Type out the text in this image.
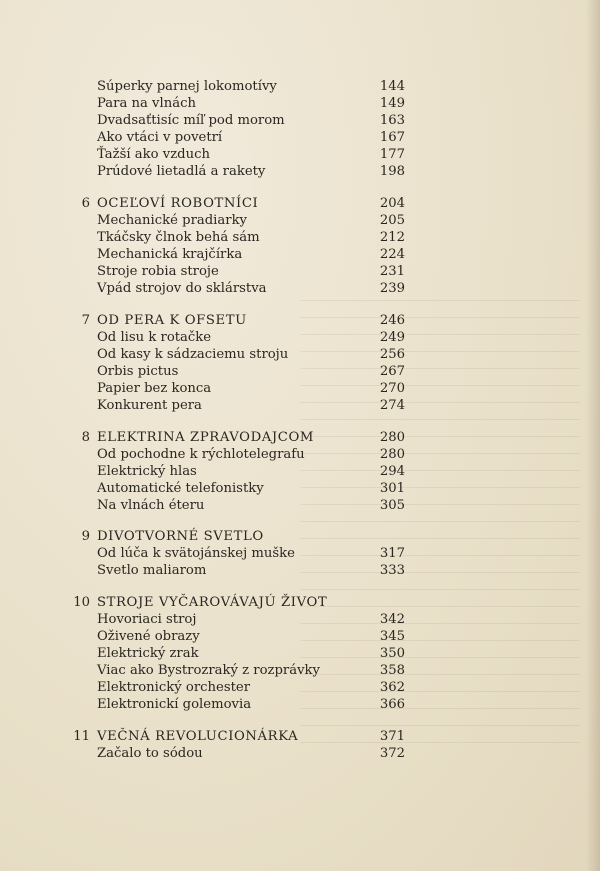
Súperky parnej lokomotívy	144
Para na vlnách	149
Dvadsaťtisíc míľ pod morom	163
Ako vtáci v povetrí	167
Ťažší ako vzduch	177
Prúdové lietadlá a rakety	198
6 OCEĽOVÍ ROBOTNÍCI	204
Mechanické pradiarky	205
Tkáčsky člnok behá sám	212
Mechanická krajčírka	224
Stroje robia stroje	231
Vpád strojov do sklárstva	239
7 OD PERA K OFSETU	246
Od lisu k rotačke	249
Od kasy k sádzaciemu stroju	256
Orbis pictus	267
Papier bez konca	270
Konkurent pera	274
8 ELEKTRINA ZPRAVODAJCOM	280
Od pochodne k rýchlotelegrafu	280
Elektrický hlas	294
Automatické telefonistky	301
Na vlnách éteru	305
9 DIVOTVORNÉ SVETLO
Od lúča k svätojánskej muške	317
Svetlo maliarom	333
10 STROJE VYČAROVÁVAJÚ ŽIVOT
Hovoriaci stroj	342
Oživené obrazy	345
Elektrický zrak	350
Viac ako Bystrozraký z rozprávky	358
Elektronický orchester	362
Elektronickí golemovia	366
11 VEČNÁ REVOLUCIONÁRKA	371
Začalo to sódou	372
